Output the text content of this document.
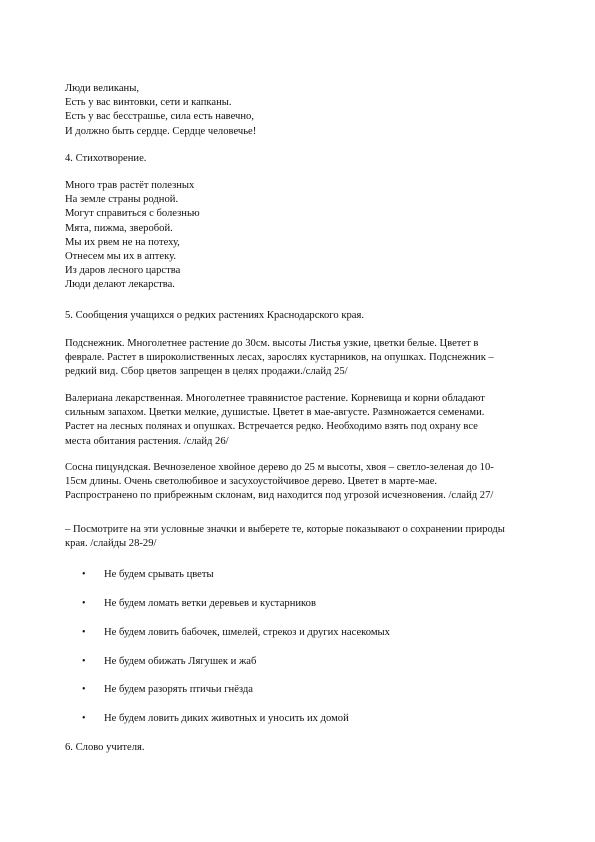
Люди великаны,
Есть у вас винтовки, сети и капканы.
Есть у вас бесстрашье, сила есть навечно,
И должно быть сердце. Сердце человечье!
4. Стихотворение.
Много трав растёт полезных
На земле страны родной.
Могут справиться с болезнью
Мята, пижма, зверобой.
Мы их рвем не на потеху,
Отнесем мы их в аптеку.
Из даров лесного царства
Люди делают лекарства.
5. Сообщения учащихся о редких растениях Краснодарского края.
Подснежник. Многолетнее растение до 30см. высоты Листья узкие, цветки белые. Цветет в
феврале. Растет в широколиственных лесах, зарослях кустарников, на опушках. Подснежник –
редкий вид. Сбор цветов запрещен в целях продажи./слайд 25/
Валериана лекарственная. Многолетнее травянистое растение. Корневища и корни обладают
сильным запахом. Цветки мелкие, душистые. Цветет в мае-августе. Размножается семенами.
Растет на лесных полянах и опушках. Встречается редко. Необходимо взять под охрану все
места обитания растения. /слайд 26/
Сосна пицундская. Вечнозеленое хвойное дерево до 25 м высоты, хвоя – светло-зеленая до 10-
15см длины. Очень светолюбивое и засухоустойчивое дерево. Цветет в марте-мае.
Распространено по прибрежным склонам, вид находится под угрозой исчезновения. /слайд 27/
– Посмотрите на эти условные значки и выберете те, которые показывают о сохранении природы
края. /слайды 28-29/
• Не будем срывать цветы
• Не будем ломать ветки деревьев и кустарников
• Не будем ловить бабочек, шмелей, стрекоз и других насекомых
• Не будем обижать Лягушек и жаб
• Не будем разорять птичьи гнёзда
• Не будем ловить диких животных и уносить их домой
6. Слово учителя.
